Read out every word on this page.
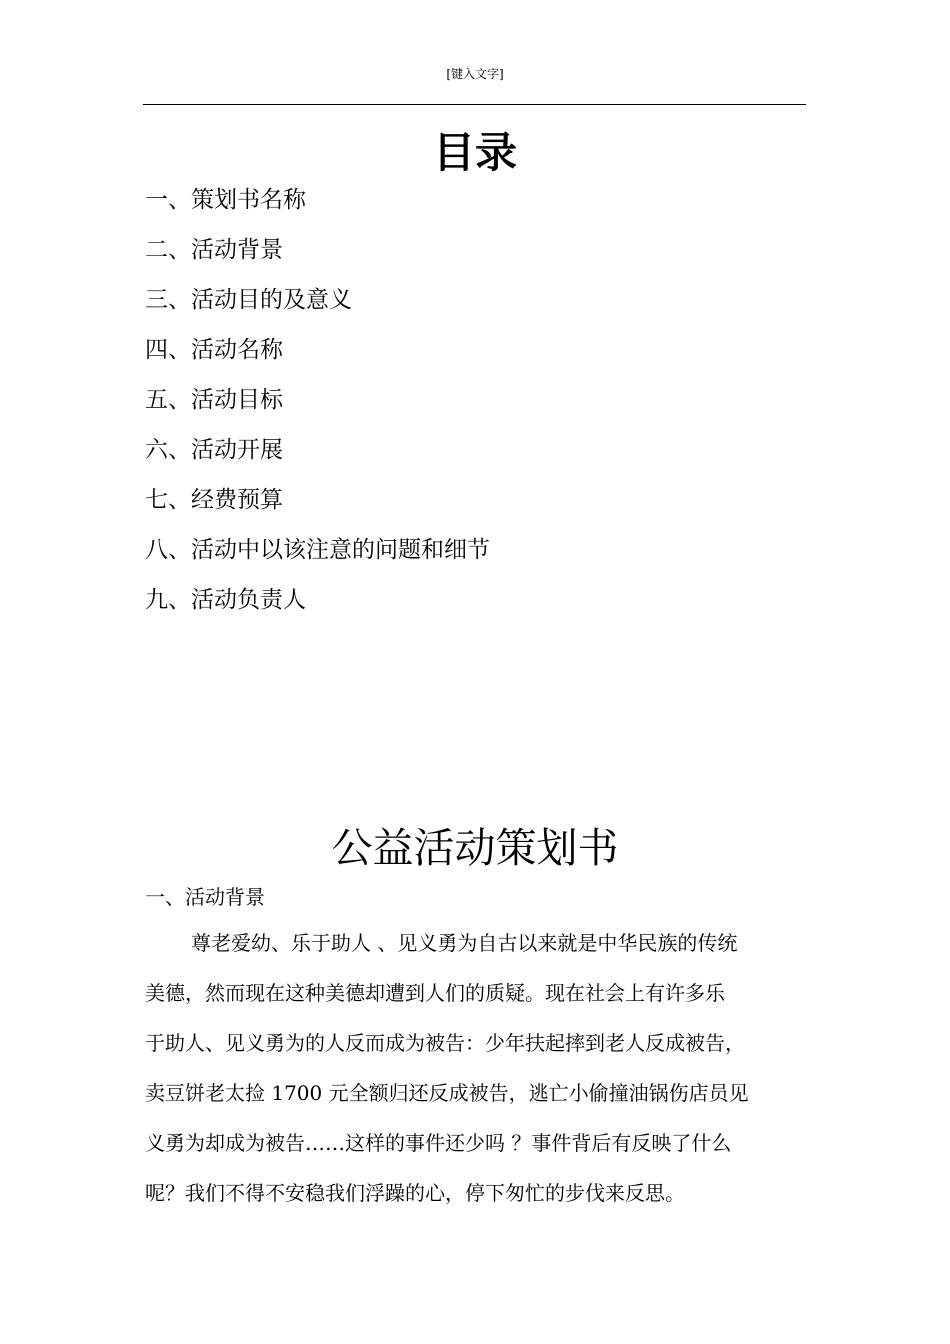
[键入文字]
目录
一、策划书名称
二、活动背景
三、活动目的及意义
四、活动名称
五、活动目标
六、活动开展
七、经费预算
八、活动中以该注意的问题和细节
九、活动负责人
公益活动策划书
一、活动背景
尊老爱幼、乐于助人 、见义勇为自古以来就是中华民族的传统
美德，然而现在这种美德却遭到人们的质疑。现在社会上有许多乐
于助人、见义勇为的人反而成为被告：少年扶起摔到老人反成被告，
卖豆饼老太捡 1700 元全额归还反成被告，逃亡小偷撞油锅伤店员见
义勇为却成为被告……这样的事件还少吗 ？事件背后有反映了什么
呢？我们不得不安稳我们浮躁的心，停下匆忙的步伐来反思。
